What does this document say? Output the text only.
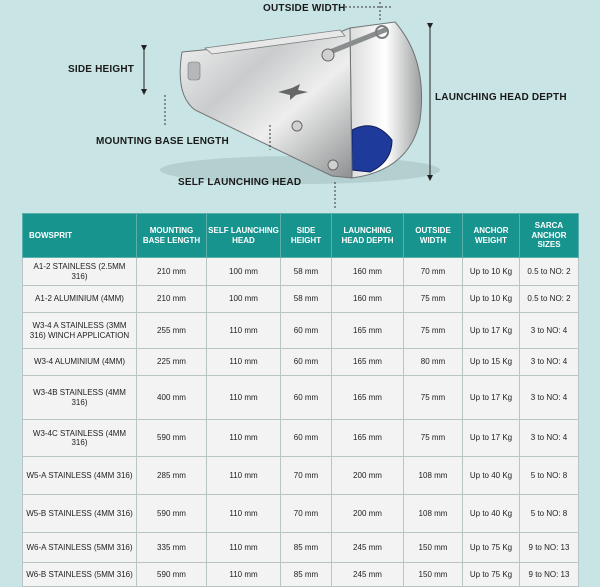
OUTSIDE WIDTH
SIDE HEIGHT
LAUNCHING HEAD DEPTH
MOUNTING BASE LENGTH
SELF LAUNCHING HEAD
BOWSPRIT	MOUNTING BASE LENGTH	SELF LAUNCHING HEAD	SIDE HEIGHT	LAUNCHING HEAD DEPTH	OUTSIDE WIDTH	ANCHOR WEIGHT	SARCA ANCHOR SIZES
A1-2 STAINLESS (2.5MM 316)	210 mm	100 mm	58 mm	160 mm	70 mm	Up to 10 Kg	0.5 to NO: 2
A1-2 ALUMINIUM (4MM)	210 mm	100 mm	58 mm	160 mm	75 mm	Up to 10 Kg	0.5 to NO: 2
W3-4 A STAINLESS (3MM 316) WINCH APPLICATION	255 mm	110 mm	60 mm	165 mm	75 mm	Up to 17 Kg	3 to NO: 4
W3-4 ALUMINIUM (4MM)	225 mm	110 mm	60 mm	165 mm	80 mm	Up to 15 Kg	3 to NO: 4
W3-4B STAINLESS (4MM 316)	400 mm	110 mm	60 mm	165 mm	75 mm	Up to 17 Kg	3 to NO: 4
W3-4C STAINLESS (4MM 316)	590 mm	110 mm	60 mm	165 mm	75 mm	Up to 17 Kg	3 to NO: 4
W5-A STAINLESS (4MM 316)	285 mm	110 mm	70 mm	200 mm	108 mm	Up to 40 Kg	5 to NO: 8
W5-B STAINLESS (4MM 316)	590 mm	110 mm	70 mm	200 mm	108 mm	Up to 40 Kg	5 to NO: 8
W6-A STAINLESS (5MM 316)	335 mm	110 mm	85 mm	245 mm	150 mm	Up to 75 Kg	9 to NO: 13
W6-B STAINLESS (5MM 316)	590 mm	110 mm	85 mm	245 mm	150 mm	Up to 75 Kg	9 to NO: 13
